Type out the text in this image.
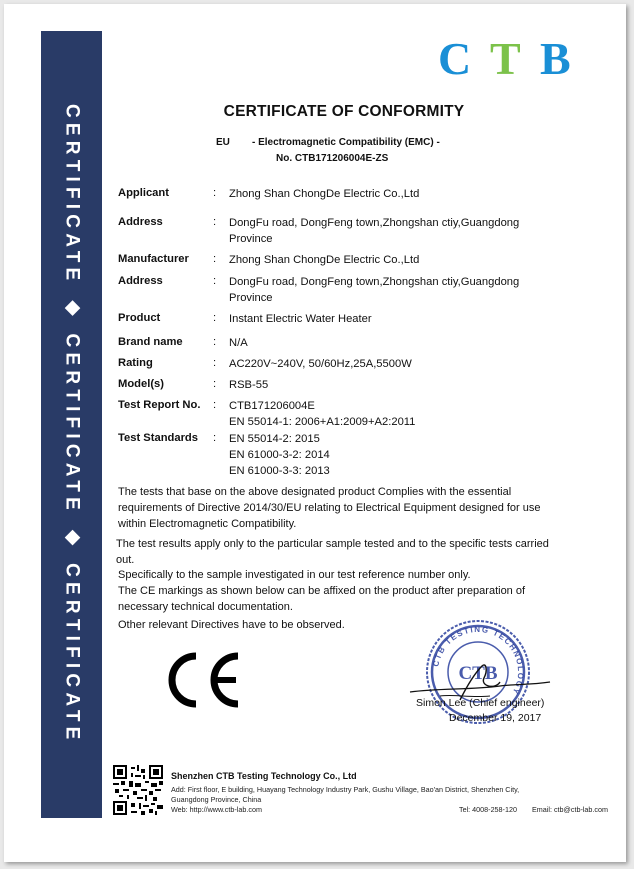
CERTIFICATE ◆ CERTIFICATE ◆ CERTIFICATE
C T B
CERTIFICATE OF CONFORMITY
EU - Electromagnetic Compatibility (EMC) -
No. CTB171206004E-ZS
Applicant	: Zhong Shan ChongDe Electric Co.,Ltd
Address	: DongFu road, DongFeng town,Zhongshan ctiy,Guangdong
Province
Manufacturer : Zhong Shan ChongDe Electric Co.,Ltd
Address	: DongFu road, DongFeng town,Zhongshan ctiy,Guangdong
Province
Product	: Instant Electric Water Heater
Brand name	: N/A
Rating	: AC220V~240V, 50/60Hz,25A,5500W
Model(s)	: RSB-55
Test Report No. : CTB171206004E
EN 55014-1: 2006+A1:2009+A2:2011
Test Standards : EN 55014-2: 2015
EN 61000-3-2: 2014
EN 61000-3-3: 2013
The tests that base on the above designated product Complies with the essential
requirements of Directive 2014/30/EU relating to Electrical Equipment designed for use
within Electromagnetic Compatibility.
The test results apply only to the particular sample tested and to the specific tests carried
out.
Specifically to the sample investigated in our test reference number only.
The CE markings as shown below can be affixed on the product after preparation of
necessary technical documentation.
Other relevant Directives have to be observed.
CTB TESTING TECHNOLOGY
CTB
Simon Lee (Chief engineer)
December 19, 2017
Shenzhen CTB Testing Technology Co., Ltd
Add: First floor, E building, Huayang Technology Industry Park, Gushu Village, Bao'an District, Shenzhen City,
Guangdong Province, China
Web: http://www.ctb-lab.com	Tel: 4008-258-120 Email: ctb@ctb-lab.com
